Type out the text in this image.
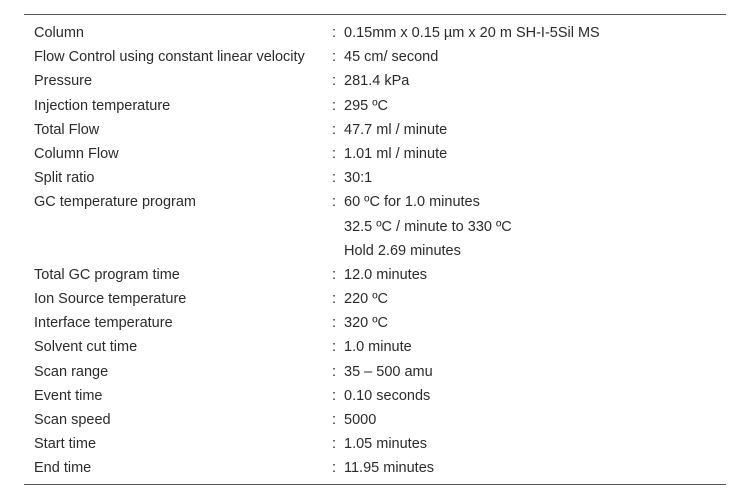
Column	: 0.15mm x 0.15 µm x 20 m SH-I-5Sil MS
Flow Control using constant linear velocity	: 45 cm/ second
Pressure	: 281.4 kPa
Injection temperature	: 295 ºC
Total Flow	: 47.7 ml / minute
Column Flow	: 1.01 ml / minute
Split ratio	: 30:1
GC temperature program	: 60 ºC for 1.0 minutes
32.5 ºC / minute to 330 ºC
Hold 2.69 minutes
Total GC program time	: 12.0 minutes
Ion Source temperature	: 220 ºC
Interface temperature	: 320 ºC
Solvent cut time	: 1.0 minute
Scan range	: 35 – 500 amu
Event time	: 0.10 seconds
Scan speed	: 5000
Start time	: 1.05 minutes
End time	: 11.95 minutes
